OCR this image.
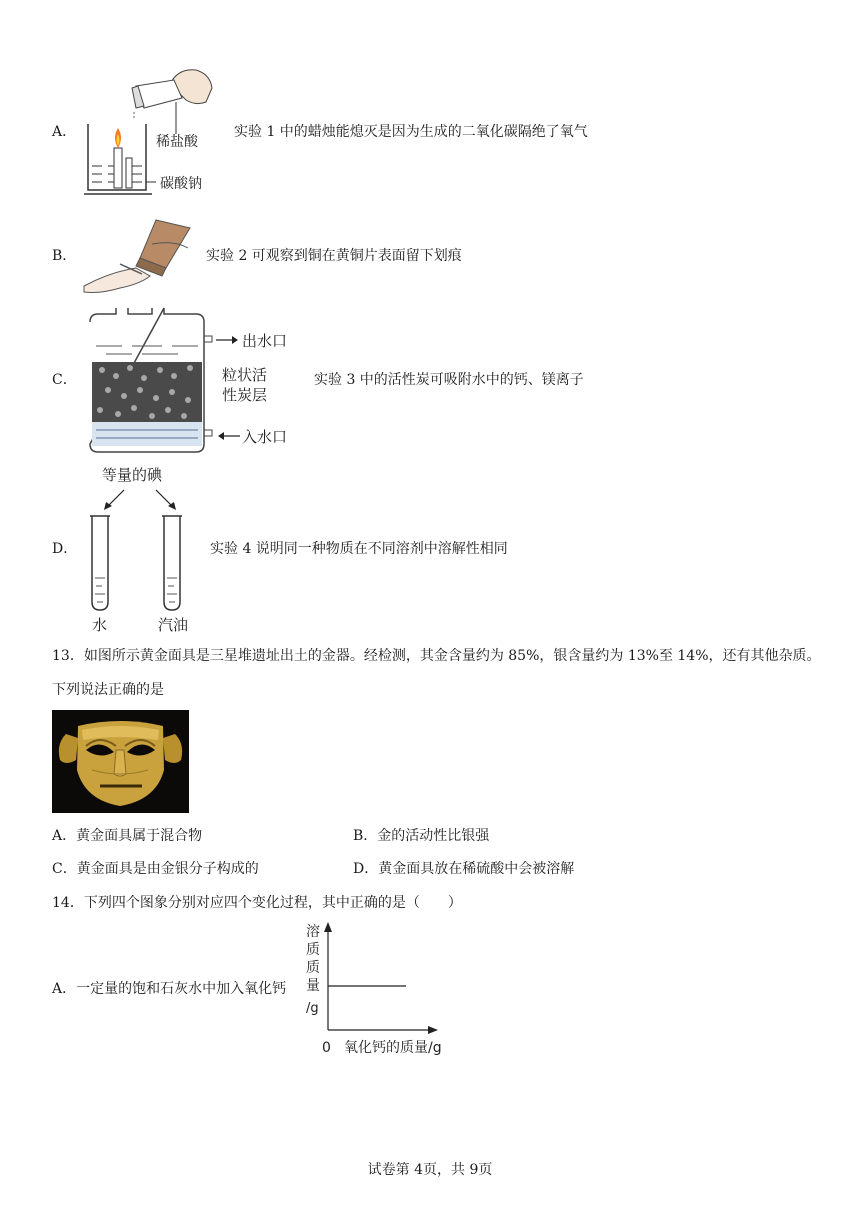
A．
稀盐酸
碳酸钠
实验 1 中的蜡烛能熄灭是因为生成的二氧化碳隔绝了氧气
B．	实验 2 可观察到铜在黄铜片表面留下划痕
C．
出水口
粒状活
性炭层
入水口
实验 3 中的活性炭可吸附水中的钙、镁离子
D．
等量的碘
水	汽油
实验 4 说明同一种物质在不同溶剂中溶解性相同
13．如图所示黄金面具是三星堆遗址出土的金器。经检测，其金含量约为 85%，银含量约为 13%至 14%，还有其他杂质。下列说法正确的是
A．黄金面具属于混合物	B．金的活动性比银强
C．黄金面具是由金银分子构成的	D．黄金面具放在稀硫酸中会被溶解
14．下列四个图象分别对应四个变化过程，其中正确的是（　　）
A．一定量的饱和石灰水中加入氧化钙
溶
质
质
量
/g
0 氧化钙的质量/g
试卷第 4页，共 9页
